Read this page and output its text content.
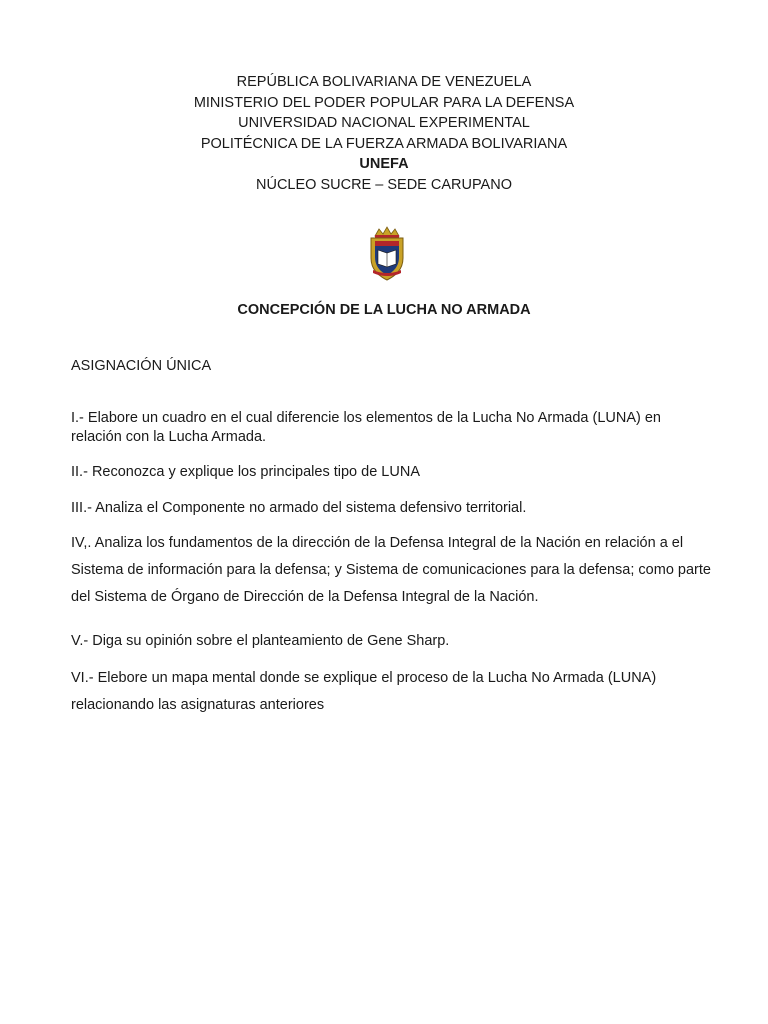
REPÚBLICA BOLIVARIANA DE VENEZUELA
MINISTERIO DEL PODER POPULAR PARA LA DEFENSA
UNIVERSIDAD NACIONAL EXPERIMENTAL
POLITÉCNICA DE LA FUERZA ARMADA BOLIVARIANA
UNEFA
NÚCLEO SUCRE – SEDE CARUPANO
CONCEPCIÓN DE LA LUCHA NO ARMADA
ASIGNACIÓN ÚNICA
I.- Elabore un cuadro en el cual diferencie los elementos de la Lucha No Armada (LUNA) en relación con la Lucha Armada.
II.- Reconozca y explique los principales tipo de LUNA
III.- Analiza el Componente no armado del sistema defensivo territorial.
IV,. Analiza los fundamentos de la dirección de la Defensa Integral de la Nación en relación a el Sistema de información para la defensa; y Sistema de comunicaciones para la defensa; como parte del Sistema de Órgano de Dirección de la Defensa Integral de la Nación.
V.- Diga su opinión sobre el planteamiento de Gene Sharp.
VI.- Elebore un mapa mental donde se explique el proceso de la Lucha No Armada (LUNA) relacionando las asignaturas anteriores
